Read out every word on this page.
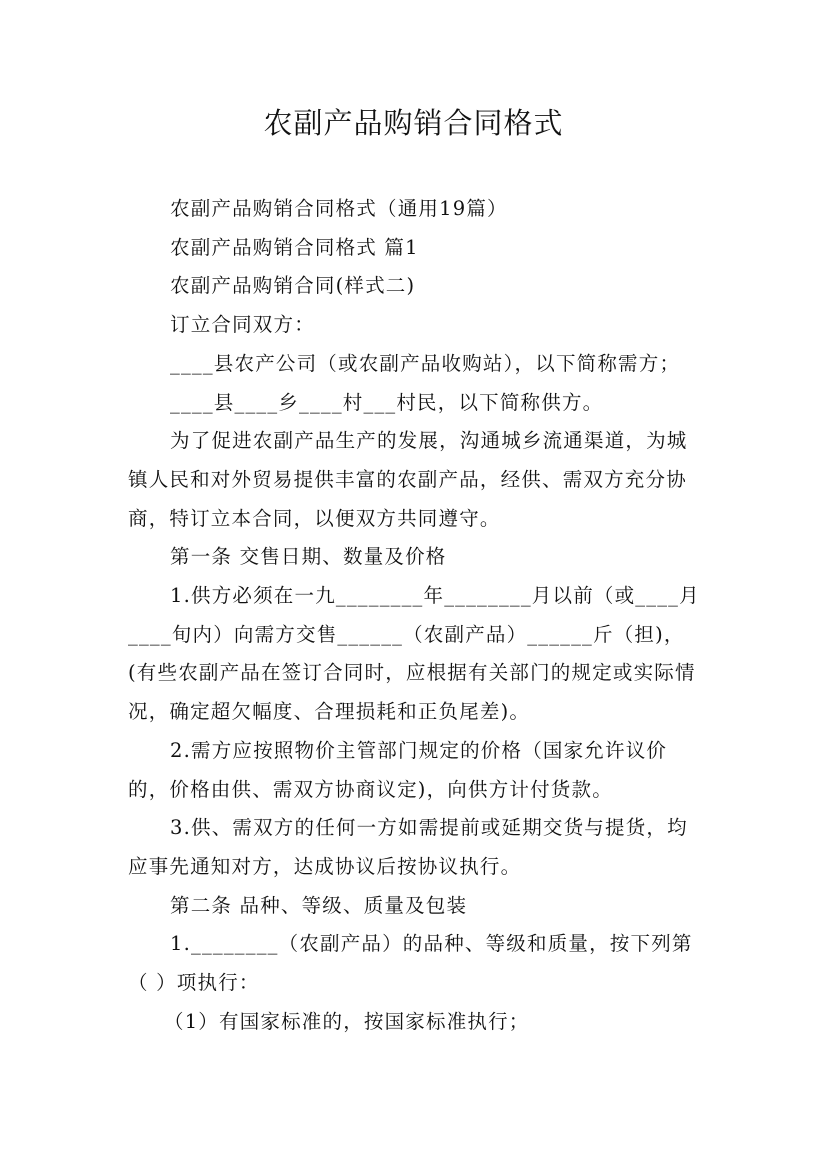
农副产品购销合同格式

农副产品购销合同格式（通用19篇）

农副产品购销合同格式 篇1

农副产品购销合同(样式二)

订立合同双方：

____县农产公司（或农副产品收购站），以下简称需方；

____县____乡____村___村民，以下简称供方。

为了促进农副产品生产的发展，沟通城乡流通渠道，为城镇人民和对外贸易提供丰富的农副产品，经供、需双方充分协商，特订立本合同，以便双方共同遵守。

第一条 交售日期、数量及价格

1.供方必须在一九________年________月以前（或____月____旬内）向需方交售______（农副产品）______斤（担)，(有些农副产品在签订合同时，应根据有关部门的规定或实际情况，确定超欠幅度、合理损耗和正负尾差)。

2.需方应按照物价主管部门规定的价格（国家允许议价的，价格由供、需双方协商议定)，向供方计付货款。

3.供、需双方的任何一方如需提前或延期交货与提货，均应事先通知对方，达成协议后按协议执行。

第二条 品种、等级、质量及包装

1.________（农副产品）的品种、等级和质量，按下列第（ ）项执行：

（1）有国家标准的，按国家标准执行；
